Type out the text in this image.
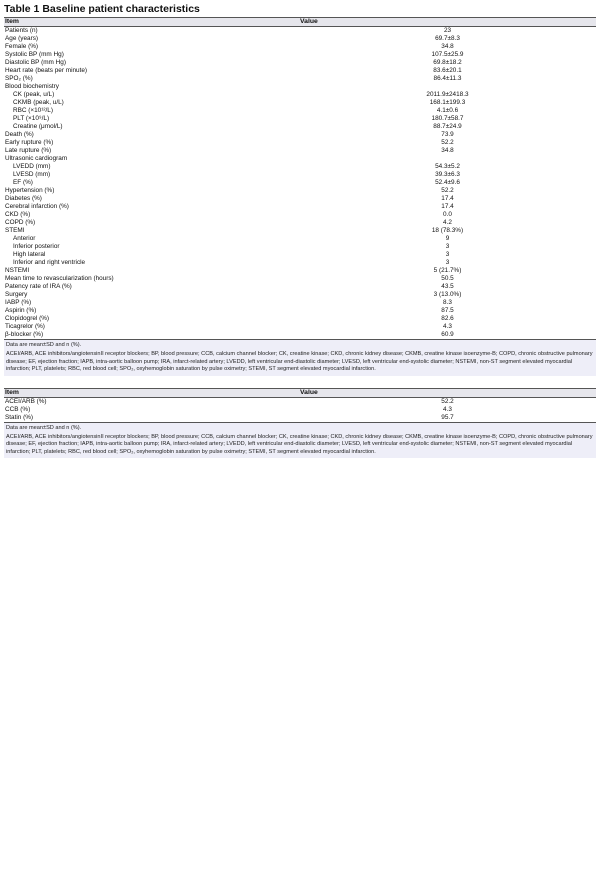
Table 1 Baseline patient characteristics
Item	Value
Patients (n)	23
Age (years)	69.7±8.3
Female (%)	34.8
Systolic BP (mm Hg)	107.5±25.9
Diastolic BP (mm Hg)	69.8±18.2
Heart rate (beats per minute)	83.6±20.1
SPO₂ (%)	86.4±11.3
Blood biochemistry	
CK (peak, u/L)	2011.9±2418.3
CKMB (peak, u/L)	168.1±199.3
RBC (×10¹²/L)	4.1±0.6
PLT (×10⁹/L)	180.7±58.7
Creatine (μmol/L)	88.7±24.9
Death (%)	73.9
Early rupture (%)	52.2
Late rupture (%)	34.8
Ultrasonic cardiogram	
LVEDD (mm)	54.3±5.2
LVESD (mm)	39.3±6.3
EF (%)	52.4±9.6
Hypertension (%)	52.2
Diabetes (%)	17.4
Cerebral infarction (%)	17.4
CKD (%)	0.0
COPD (%)	4.2
STEMI	18 (78.3%)
Anterior	9
Inferior posterior	3
High lateral	3
Inferior and right ventricle	3
NSTEMI	5 (21.7%)
Mean time to revascularization (hours)	50.5
Patency rate of IRA (%)	43.5
Surgery	3 (13.0%)
IABP (%)	8.3
Aspirin (%)	87.5
Clopidogrel (%)	82.6
Ticagrelor (%)	4.3
β-blocker (%)	60.9

Data are mean±SD and n (%).

ACEI/ARB, ACE inhibitors/angiotensinII receptor blockers; BP, blood pressure; CCB, calcium channel blocker; CK, creatine kinase; CKD, chronic kidney disease; CKMB, creatine kinase isoenzyme-B; COPD, chronic obstructive pulmonary disease; EF, ejection fraction; IAPB, intra-aortic balloon pump; IRA, infarct-related artery; LVEDD, left ventricular end-diastolic diameter; LVESD, left ventricular end-systolic diameter; NSTEMI, non-ST segment elevated myocardial infarction; PLT, platelets; RBC, red blood cell; SPO₂, oxyhemoglobin saturation by pulse oximetry; STEMI, ST segment elevated myocardial infarction.

Item	Value
ACEI/ARB (%)	52.2
CCB (%)	4.3
Statin (%)	95.7

Data are mean±SD and n (%).

ACEI/ARB, ACE inhibitors/angiotensinII receptor blockers; BP, blood pressure; CCB, calcium channel blocker; CK, creatine kinase; CKD, chronic kidney disease; CKMB, creatine kinase isoenzyme-B; COPD, chronic obstructive pulmonary disease; EF, ejection fraction; IAPB, intra-aortic balloon pump; IRA, infarct-related artery; LVEDD, left ventricular end-diastolic diameter; LVESD, left ventricular end-systolic diameter; NSTEMI, non-ST segment elevated myocardial infarction; PLT, platelets; RBC, red blood cell; SPO₂, oxyhemoglobin saturation by pulse oximetry; STEMI, ST segment elevated myocardial infarction.
